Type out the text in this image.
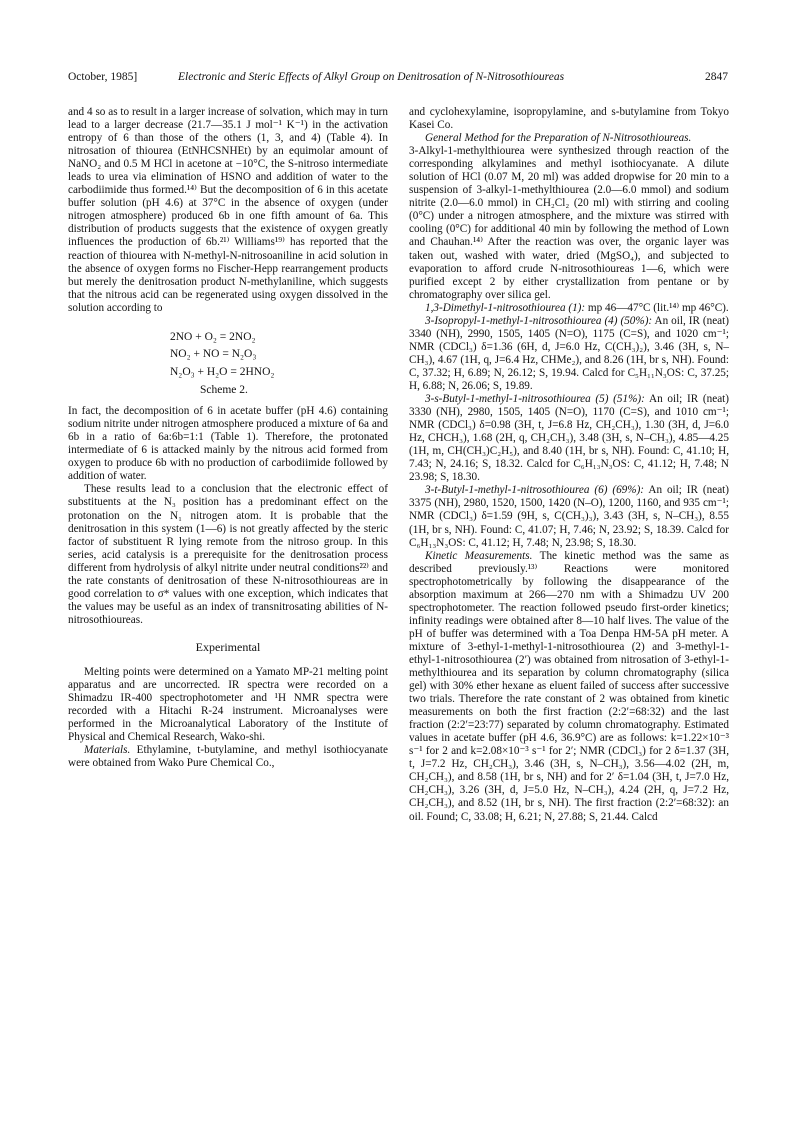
October, 1985]	Electronic and Steric Effects of Alkyl Group on Denitrosation of N-Nitrosothioureas	2847

and 4 so as to result in a larger increase of solvation, which may in turn lead to a larger decrease (21.7—35.1 J mol⁻¹ K⁻¹) in the activation entropy of 6 than those of the others (1, 3, and 4) (Table 4). In nitrosation of thiourea (EtNHCSNHEt) by an equimolar amount of NaNO₂ and 0.5 M HCl in acetone at −10°C, the S-nitroso intermediate leads to urea via elimination of HSNO and addition of water to the carbodiimide thus formed.¹⁴⁾ But the decomposition of 6 in this acetate buffer solution (pH 4.6) at 37°C in the absence of oxygen (under nitrogen atmosphere) produced 6b in one fifth amount of 6a. This distribution of products suggests that the existence of oxygen greatly influences the production of 6b.²¹⁾ Williams¹⁹⁾ has reported that the reaction of thiourea with N-methyl-N-nitrosoaniline in acid solution in the absence of oxygen forms no Fischer-Hepp rearrangement products but merely the denitrosation product N-methylaniline, which suggests that the nitrous acid can be regenerated using oxygen dissolved in the solution according to

2NO + O₂ = 2NO₂
NO₂ + NO = N₂O₃
N₂O₃ + H₂O = 2HNO₂
Scheme 2.

In fact, the decomposition of 6 in acetate buffer (pH 4.6) containing sodium nitrite under nitrogen atmosphere produced a mixture of 6a and 6b in a ratio of 6a:6b=1:1 (Table 1). Therefore, the protonated intermediate of 6 is attacked mainly by the nitrous acid formed from oxygen to produce 6b with no production of carbodiimide followed by addition of water.

These results lead to a conclusion that the electronic effect of substituents at the N₃ position has a predominant effect on the protonation on the N₁ nitrogen atom. It is probable that the denitrosation in this system (1—6) is not greatly affected by the steric factor of substituent R lying remote from the nitroso group. In this series, acid catalysis is a prerequisite for the denitrosation process different from hydrolysis of alkyl nitrite under neutral conditions²²⁾ and the rate constants of denitrosation of these N-nitrosothioureas are in good correlation to σ* values with one exception, which indicates that the values may be useful as an index of transnitrosating abilities of N-nitrosothioureas.

Experimental

Melting points were determined on a Yamato MP-21 melting point apparatus and are uncorrected. IR spectra were recorded on a Shimadzu IR-400 spectrophotometer and ¹H NMR spectra were recorded with a Hitachi R-24 instrument. Microanalyses were performed in the Microanalytical Laboratory of the Institute of Physical and Chemical Research, Wako-shi.

Materials. Ethylamine, t-butylamine, and methyl isothiocyanate were obtained from Wako Pure Chemical Co.,

and cyclohexylamine, isopropylamine, and s-butylamine from Tokyo Kasei Co.

General Method for the Preparation of N-Nitrosothioureas.

3-Alkyl-1-methylthiourea were synthesized through reaction of the corresponding alkylamines and methyl isothiocyanate. A dilute solution of HCl (0.07 M, 20 ml) was added dropwise for 20 min to a suspension of 3-alkyl-1-methylthiourea (2.0—6.0 mmol) and sodium nitrite (2.0—6.0 mmol) in CH₂Cl₂ (20 ml) with stirring and cooling (0°C) under a nitrogen atmosphere, and the mixture was stirred with cooling (0°C) for additional 40 min by following the method of Lown and Chauhan.¹⁴⁾ After the reaction was over, the organic layer was taken out, washed with water, dried (MgSO₄), and subjected to evaporation to afford crude N-nitrosothioureas 1—6, which were purified except 2 by either crystallization from pentane or by chromatography over silica gel.

1,3-Dimethyl-1-nitrosothiourea (1): mp 46—47°C (lit.¹⁴⁾ mp 46°C).

3-Isopropyl-1-methyl-1-nitrosothiourea (4) (50%): An oil, IR (neat) 3340 (NH), 2990, 1505, 1405 (N=O), 1175 (C=S), and 1020 cm⁻¹; NMR (CDCl₃) δ=1.36 (6H, d, J=6.0 Hz, C(CH₃)₂), 3.46 (3H, s, N–CH₃), 4.67 (1H, q, J=6.4 Hz, CHMe₂), and 8.26 (1H, br s, NH). Found: C, 37.32; H, 6.89; N, 26.12; S, 19.94. Calcd for C₅H₁₁N₃OS: C, 37.25; H, 6.88; N, 26.06; S, 19.89.

3-s-Butyl-1-methyl-1-nitrosothiourea (5) (51%): An oil; IR (neat) 3330 (NH), 2980, 1505, 1405 (N=O), 1170 (C=S), and 1010 cm⁻¹; NMR (CDCl₃) δ=0.98 (3H, t, J=6.8 Hz, CH₂CH₃), 1.30 (3H, d, J=6.0 Hz, CHCH₃), 1.68 (2H, q, CH₂CH₃), 3.48 (3H, s, N–CH₃), 4.85—4.25 (1H, m, CH(CH₃)C₂H₅), and 8.40 (1H, br s, NH). Found: C, 41.10; H, 7.43; N, 24.16; S, 18.32. Calcd for C₆H₁₃N₃OS: C, 41.12; H, 7.48; N 23.98; S, 18.30.

3-t-Butyl-1-methyl-1-nitrosothiourea (6) (69%): An oil; IR (neat) 3375 (NH), 2980, 1520, 1500, 1420 (N–O), 1200, 1160, and 935 cm⁻¹; NMR (CDCl₃) δ=1.59 (9H, s, C(CH₃)₃), 3.43 (3H, s, N–CH₃), 8.55 (1H, br s, NH). Found: C, 41.07; H, 7.46; N, 23.92; S, 18.39. Calcd for C₆H₁₃N₃OS: C, 41.12; H, 7.48; N, 23.98; S, 18.30.

Kinetic Measurements. The kinetic method was the same as described previously.¹³⁾ Reactions were monitored spectrophotometrically by following the disappearance of the absorption maximum at 266—270 nm with a Shimadzu UV 200 spectrophotometer. The reaction followed pseudo first-order kinetics; infinity readings were obtained after 8—10 half lives. The value of the pH of buffer was determined with a Toa Denpa HM-5A pH meter. A mixture of 3-ethyl-1-methyl-1-nitrosothiourea (2) and 3-methyl-1-ethyl-1-nitrosothiourea (2′) was obtained from nitrosation of 3-ethyl-1-methylthiourea and its separation by column chromatography (silica gel) with 30% ether hexane as eluent failed of success after successive two trials. Therefore the rate constant of 2 was obtained from kinetic measurements on both the first fraction (2:2′=68:32) and the last fraction (2:2′=23:77) separated by column chromatography. Estimated values in acetate buffer (pH 4.6, 36.9°C) are as follows: k=1.22×10⁻³ s⁻¹ for 2 and k=2.08×10⁻³ s⁻¹ for 2′; NMR (CDCl₃) for 2 δ=1.37 (3H, t, J=7.2 Hz, CH₂CH₃), 3.46 (3H, s, N–CH₃), 3.56—4.02 (2H, m, CH₂CH₃), and 8.58 (1H, br s, NH) and for 2′ δ=1.04 (3H, t, J=7.0 Hz, CH₂CH₃), 3.26 (3H, d, J=5.0 Hz, N–CH₃), 4.24 (2H, q, J=7.2 Hz, CH₂CH₃), and 8.52 (1H, br s, NH). The first fraction (2:2′=68:32): an oil. Found; C, 33.08; H, 6.21; N, 27.88; S, 21.44. Calcd
